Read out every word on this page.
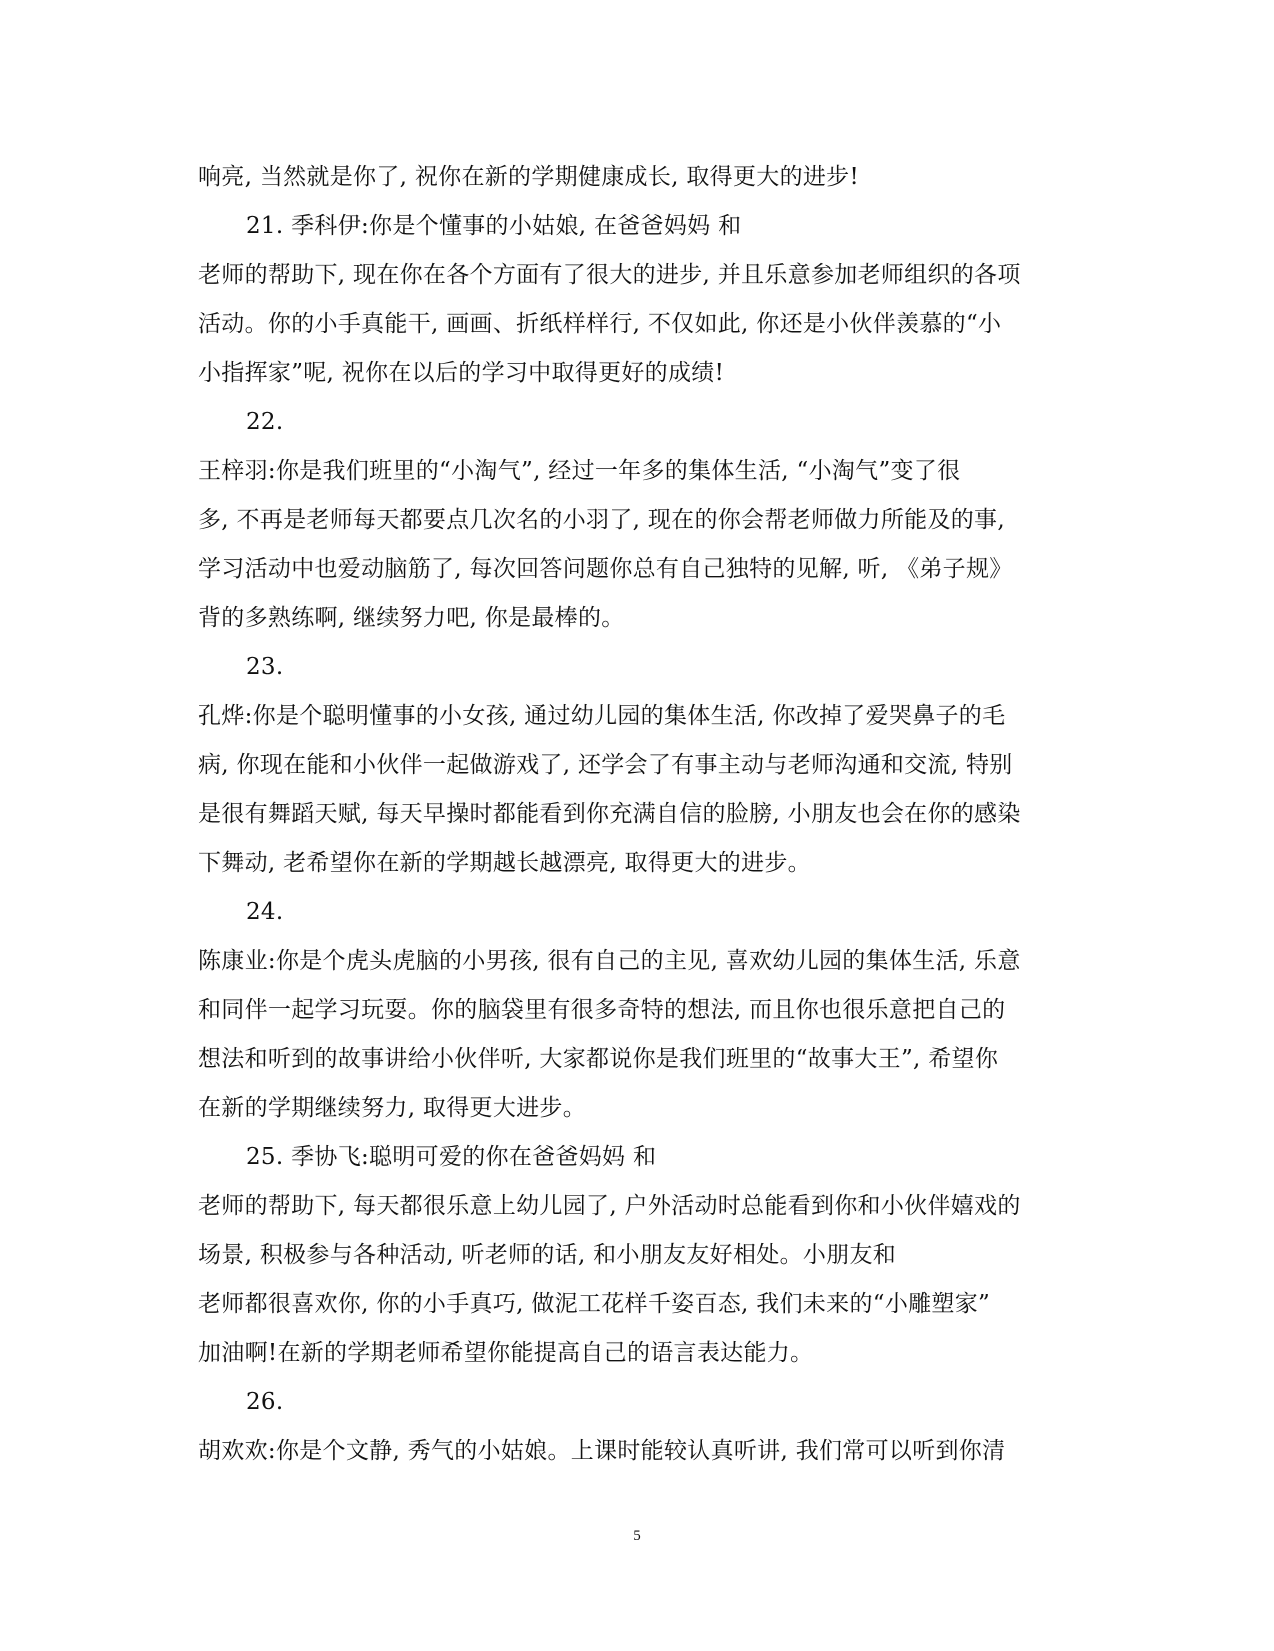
响亮, 当然就是你了, 祝你在新的学期健康成长, 取得更大的进步!
21. 季科伊:你是个懂事的小姑娘, 在爸爸妈妈 和
老师的帮助下, 现在你在各个方面有了很大的进步, 并且乐意参加老师组织的各项
活动。你的小手真能干, 画画、折纸样样行, 不仅如此, 你还是小伙伴羡慕的“小
小指挥家”呢, 祝你在以后的学习中取得更好的成绩!
22.
王梓羽:你是我们班里的“小淘气”, 经过一年多的集体生活, “小淘气”变了很
多, 不再是老师每天都要点几次名的小羽了, 现在的你会帮老师做力所能及的事,
学习活动中也爱动脑筋了, 每次回答问题你总有自己独特的见解, 听, 《弟子规》
背的多熟练啊, 继续努力吧, 你是最棒的。
23.
孔烨:你是个聪明懂事的小女孩, 通过幼儿园的集体生活, 你改掉了爱哭鼻子的毛
病, 你现在能和小伙伴一起做游戏了, 还学会了有事主动与老师沟通和交流, 特别
是很有舞蹈天赋, 每天早操时都能看到你充满自信的脸膀, 小朋友也会在你的感染
下舞动, 老希望你在新的学期越长越漂亮, 取得更大的进步。
24.
陈康业:你是个虎头虎脑的小男孩, 很有自己的主见, 喜欢幼儿园的集体生活, 乐意
和同伴一起学习玩耍。你的脑袋里有很多奇特的想法, 而且你也很乐意把自己的
想法和听到的故事讲给小伙伴听, 大家都说你是我们班里的“故事大王”, 希望你
在新的学期继续努力, 取得更大进步。
25. 季协飞:聪明可爱的你在爸爸妈妈 和
老师的帮助下, 每天都很乐意上幼儿园了, 户外活动时总能看到你和小伙伴嬉戏的
场景, 积极参与各种活动, 听老师的话, 和小朋友友好相处。小朋友和
老师都很喜欢你, 你的小手真巧, 做泥工花样千姿百态, 我们未来的“小雕塑家”
加油啊!在新的学期老师希望你能提高自己的语言表达能力。
26.
胡欢欢:你是个文静, 秀气的小姑娘。上课时能较认真听讲, 我们常可以听到你清
5
